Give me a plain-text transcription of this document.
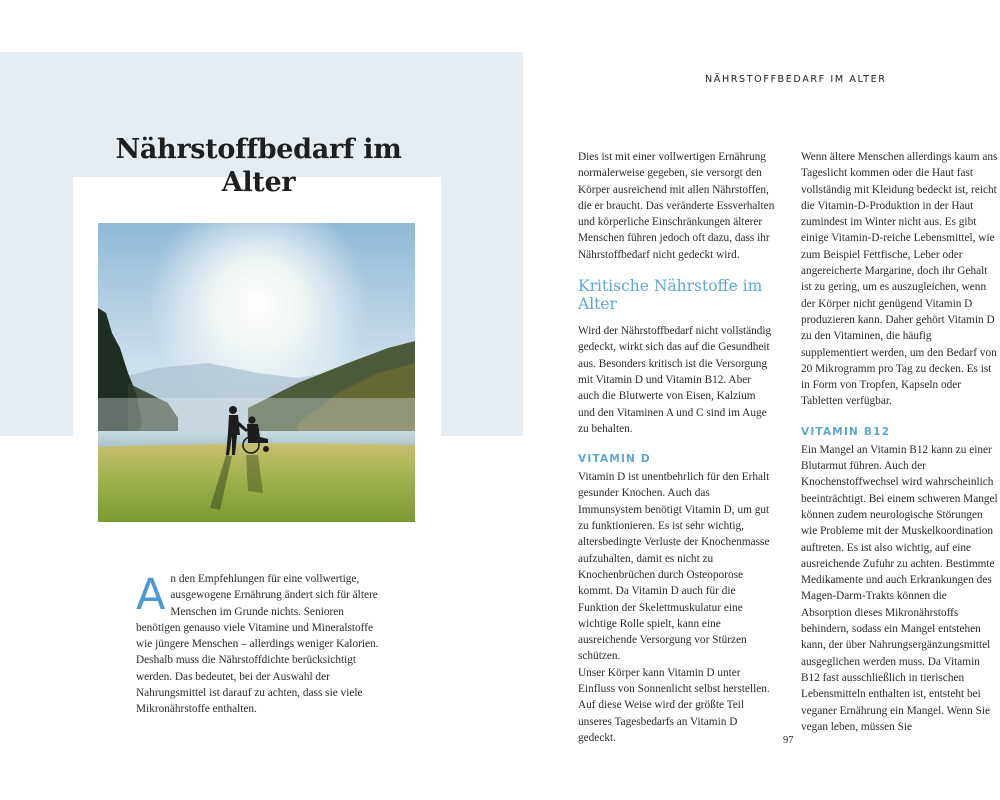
Nährstoffbedarf im Alter

An den Empfehlungen für eine vollwertige, ausgewogene Ernährung ändert sich für ältere Menschen im Grunde nichts. Senioren benötigen genauso viele Vitamine und Mineralstoffe wie jüngere Menschen – allerdings weniger Kalorien. Deshalb muss die Nährstoffdichte berücksichtigt werden. Das bedeutet, bei der Auswahl der Nahrungsmittel ist darauf zu achten, dass sie viele Mikronährstoffe enthalten.

NÄHRSTOFFBEDARF IM ALTER

Dies ist mit einer vollwertigen Ernährung normalerweise gegeben, sie versorgt den Körper ausreichend mit allen Nährstoffen, die er braucht. Das veränderte Essverhalten und körperliche Einschränkungen älterer Menschen führen jedoch oft dazu, dass ihr Nährstoffbedarf nicht gedeckt wird.

Kritische Nährstoffe im Alter

Wird der Nährstoffbedarf nicht vollständig gedeckt, wirkt sich das auf die Gesundheit aus. Besonders kritisch ist die Versorgung mit Vitamin D und Vitamin B12. Aber auch die Blutwerte von Eisen, Kalzium und den Vitaminen A und C sind im Auge zu behalten.

VITAMIN D

Vitamin D ist unentbehrlich für den Erhalt gesunder Knochen. Auch das Immunsystem benötigt Vitamin D, um gut zu funktionieren. Es ist sehr wichtig, altersbedingte Verluste der Knochenmasse aufzuhalten, damit es nicht zu Knochenbrüchen durch Osteoporose kommt. Da Vitamin D auch für die Funktion der Skelettmuskulatur eine wichtige Rolle spielt, kann eine ausreichende Versorgung vor Stürzen schützen.

Unser Körper kann Vitamin D unter Einfluss von Sonnenlicht selbst herstellen. Auf diese Weise wird der größte Teil unseres Tagesbedarfs an Vitamin D gedeckt.

Wenn ältere Menschen allerdings kaum ans Tageslicht kommen oder die Haut fast vollständig mit Kleidung bedeckt ist, reicht die Vitamin-D-Produktion in der Haut zumindest im Winter nicht aus. Es gibt einige Vitamin-D-reiche Lebensmittel, wie zum Beispiel Fettfische, Leber oder angereicherte Margarine, doch ihr Gehalt ist zu gering, um es auszugleichen, wenn der Körper nicht genügend Vitamin D produzieren kann. Daher gehört Vitamin D zu den Vitaminen, die häufig supplementiert werden, um den Bedarf von 20 Mikrogramm pro Tag zu decken. Es ist in Form von Tropfen, Kapseln oder Tabletten verfügbar.

VITAMIN B12

Ein Mangel an Vitamin B12 kann zu einer Blutarmut führen. Auch der Knochenstoffwechsel wird wahrscheinlich beeinträchtigt. Bei einem schweren Mangel können zudem neurologische Störungen wie Probleme mit der Muskelkoordination auftreten. Es ist also wichtig, auf eine ausreichende Zufuhr zu achten. Bestimmte Medikamente und auch Erkrankungen des Magen-Darm-Trakts können die Absorption dieses Mikronährstoffs behindern, sodass ein Mangel entstehen kann, der über Nahrungsergänzungsmittel ausgeglichen werden muss. Da Vitamin B12 fast ausschließlich in tierischen Lebensmitteln enthalten ist, entsteht bei veganer Ernährung ein Mangel. Wenn Sie vegan leben, müssen Sie

97
